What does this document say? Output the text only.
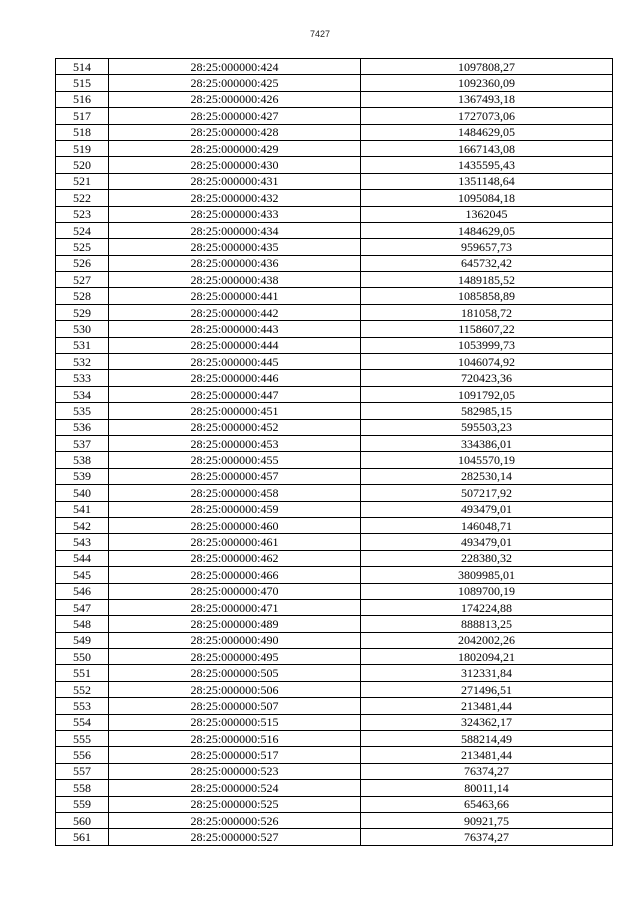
7427
514	28:25:000000:424	1097808,27
515	28:25:000000:425	1092360,09
516	28:25:000000:426	1367493,18
517	28:25:000000:427	1727073,06
518	28:25:000000:428	1484629,05
519	28:25:000000:429	1667143,08
520	28:25:000000:430	1435595,43
521	28:25:000000:431	1351148,64
522	28:25:000000:432	1095084,18
523	28:25:000000:433	1362045
524	28:25:000000:434	1484629,05
525	28:25:000000:435	959657,73
526	28:25:000000:436	645732,42
527	28:25:000000:438	1489185,52
528	28:25:000000:441	1085858,89
529	28:25:000000:442	181058,72
530	28:25:000000:443	1158607,22
531	28:25:000000:444	1053999,73
532	28:25:000000:445	1046074,92
533	28:25:000000:446	720423,36
534	28:25:000000:447	1091792,05
535	28:25:000000:451	582985,15
536	28:25:000000:452	595503,23
537	28:25:000000:453	334386,01
538	28:25:000000:455	1045570,19
539	28:25:000000:457	282530,14
540	28:25:000000:458	507217,92
541	28:25:000000:459	493479,01
542	28:25:000000:460	146048,71
543	28:25:000000:461	493479,01
544	28:25:000000:462	228380,32
545	28:25:000000:466	3809985,01
546	28:25:000000:470	1089700,19
547	28:25:000000:471	174224,88
548	28:25:000000:489	888813,25
549	28:25:000000:490	2042002,26
550	28:25:000000:495	1802094,21
551	28:25:000000:505	312331,84
552	28:25:000000:506	271496,51
553	28:25:000000:507	213481,44
554	28:25:000000:515	324362,17
555	28:25:000000:516	588214,49
556	28:25:000000:517	213481,44
557	28:25:000000:523	76374,27
558	28:25:000000:524	80011,14
559	28:25:000000:525	65463,66
560	28:25:000000:526	90921,75
561	28:25:000000:527	76374,27
